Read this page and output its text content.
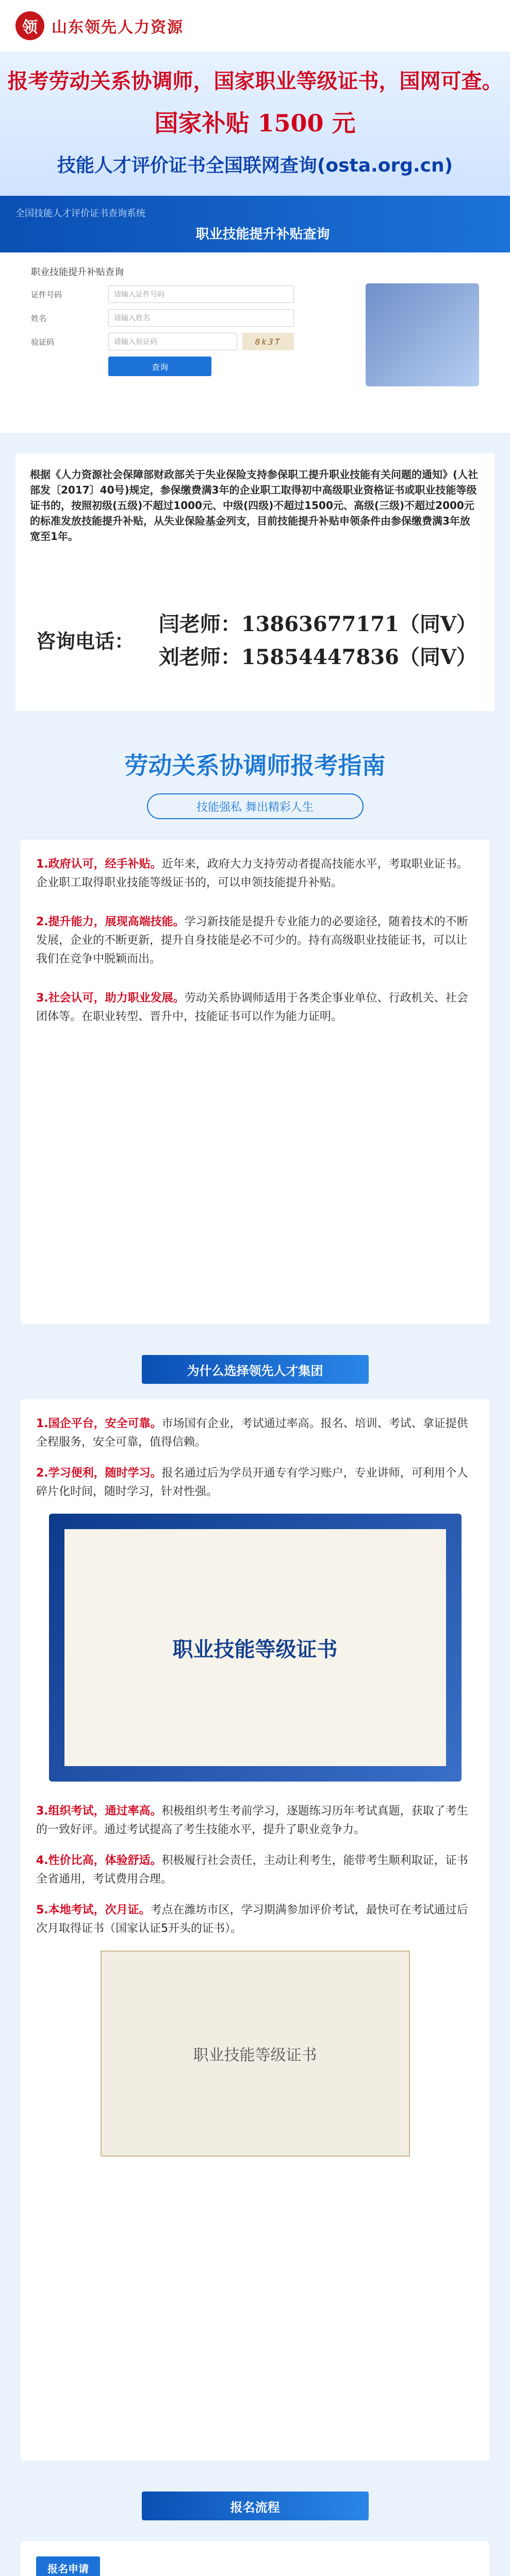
领 山东领先人力资源
报考劳动关系协调师，国家职业等级证书，国网可查。
国家补贴 1500 元
技能人才评价证书全国联网查询(osta.org.cn)
全国技能人才评价证书查询系统
职业技能提升补贴查询
职业技能提升补贴查询
证件号码	请输入证件号码
姓名	请输入姓名
验证码	请输入验证码	8k3T
查询
根据《人力资源社会保障部财政部关于失业保险支持参保职工提升职业技能有关问题的通知》(人社部发〔2017〕40号)规定，参保缴费满3年的企业职工取得初中高级职业资格证书或职业技能等级证书的，按照初级(五级)不超过1000元、中级(四级)不超过1500元、高级(三级)不超过2000元的标准发放技能提升补贴，从失业保险基金列支，目前技能提升补贴申领条件由参保缴费满3年放宽至1年。
咨询电话：
闫老师：13863677171（同V）
刘老师：15854447836（同V）
劳动关系协调师报考指南
技能强私 舞出精彩人生
1.政府认可，经手补贴。近年来，政府大力支持劳动者提高技能水平，考取职业证书。企业职工取得职业技能等级证书的，可以申领技能提升补贴。
2.提升能力，展现高端技能。学习新技能是提升专业能力的必要途径，随着技术的不断发展，企业的不断更新，提升自身技能是必不可少的。持有高级职业技能证书，可以让我们在竞争中脱颖而出。
3.社会认可，助力职业发展。劳动关系协调师适用于各类企事业单位、行政机关、社会团体等。在职业转型、晋升中，技能证书可以作为能力证明。
为什么选择领先人才集团
1.国企平台，安全可靠。市场国有企业，考试通过率高。报名、培训、考试、拿证提供全程服务，安全可靠，值得信赖。
2.学习便利，随时学习。报名通过后为学员开通专有学习账户，专业讲师，可利用个人碎片化时间，随时学习，针对性强。
职业技能等级证书
3.组织考试，通过率高。积极组织考生考前学习，逐题练习历年考试真题，获取了考生的一致好评。通过考试提高了考生技能水平，提升了职业竞争力。
4.性价比高，体验舒适。积极履行社会责任，主动让利考生，能带考生顺利取证，证书全省通用，考试费用合理。
5.本地考试，次月证。考点在潍坊市区，学习期满参加评价考试，最快可在考试通过后次月取得证书（国家认证5开头的证书）。
职业技能等级证书
报名流程
报名申请
